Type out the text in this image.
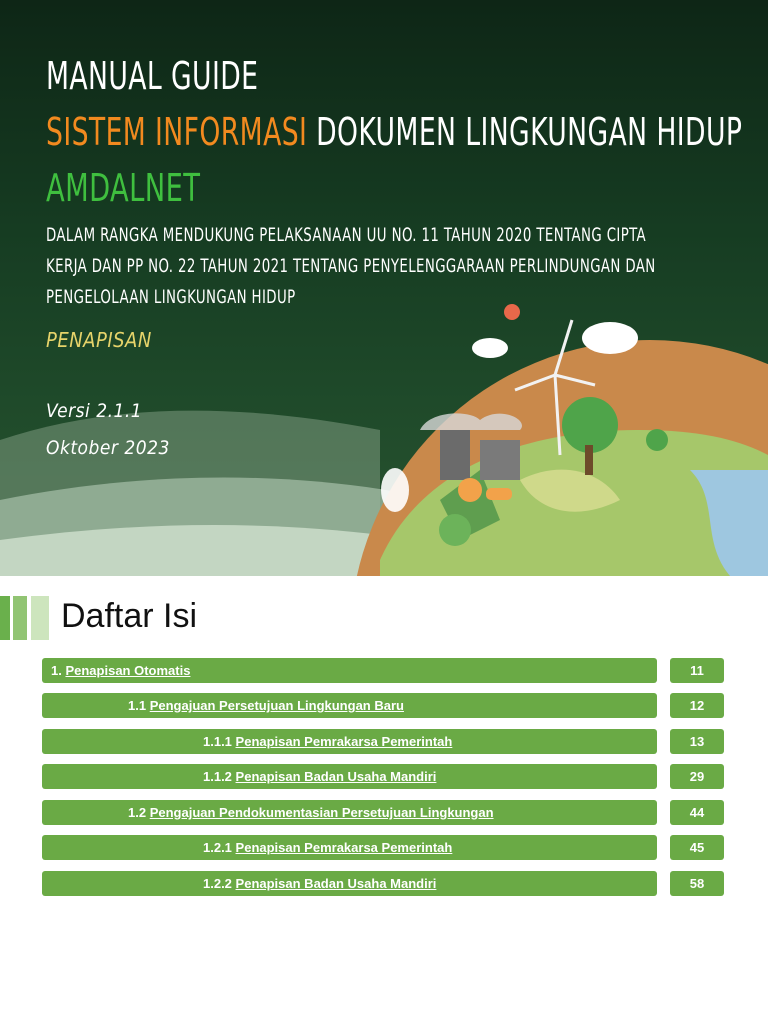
MANUAL GUIDE
SISTEM INFORMASI DOKUMEN LINGKUNGAN HIDUP
AMDALNET
DALAM RANGKA MENDUKUNG PELAKSANAAN UU NO. 11 TAHUN 2020 TENTANG CIPTA KERJA DAN PP NO. 22 TAHUN 2021 TENTANG PENYELENGGARAAN PERLINDUNGAN DAN PENGELOLAAN LINGKUNGAN HIDUP
PENAPISAN
Versi 2.1.1
Oktober 2023
Daftar Isi
1. Penapisan Otomatis	11
1.1 Pengajuan Persetujuan Lingkungan Baru	12
1.1.1 Penapisan Pemrakarsa Pemerintah	13
1.1.2 Penapisan Badan Usaha Mandiri	29
1.2 Pengajuan Pendokumentasian Persetujuan Lingkungan	44
1.2.1 Penapisan Pemrakarsa Pemerintah	45
1.2.2 Penapisan Badan Usaha Mandiri	58
